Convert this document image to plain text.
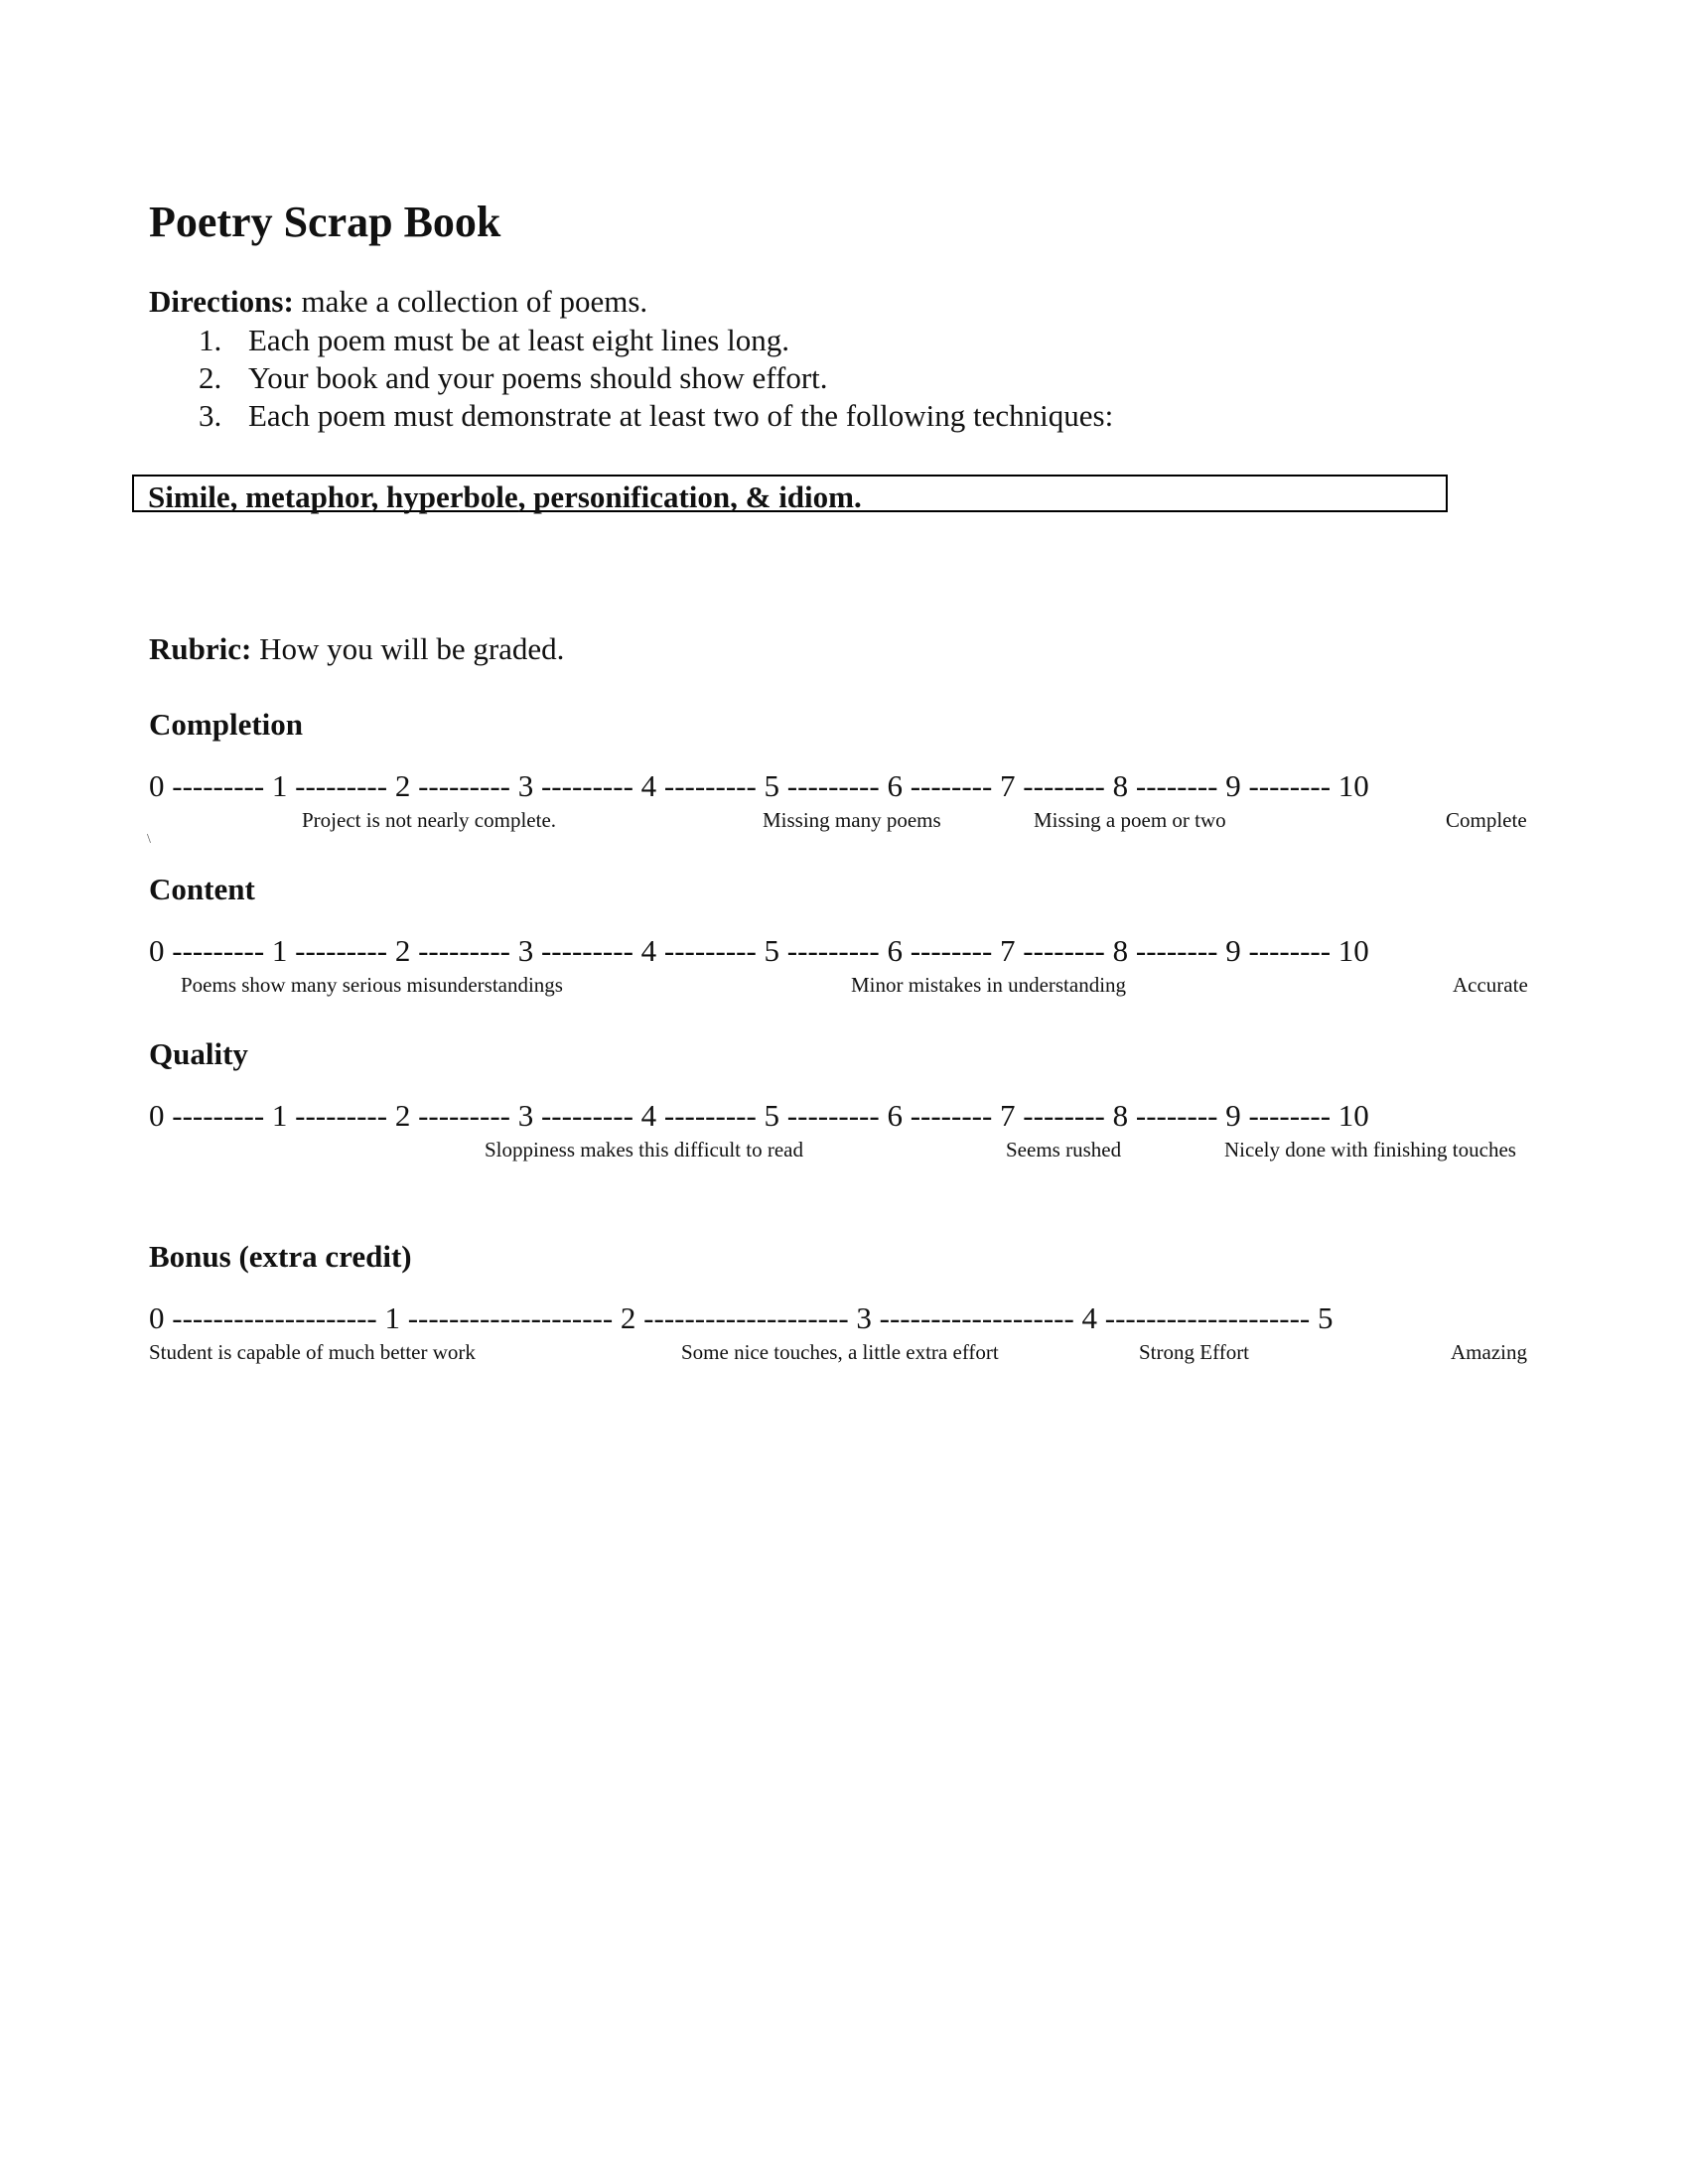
Poetry Scrap Book
Directions: make a collection of poems.
1. Each poem must be at least eight lines long.
2. Your book and your poems should show effort.
3. Each poem must demonstrate at least two of the following techniques:
Simile, metaphor, hyperbole, personification, & idiom.
Rubric: How you will be graded.
Completion
0 --------- 1 --------- 2 --------- 3 --------- 4 --------- 5 --------- 6 -------- 7 -------- 8 -------- 9 -------- 10
Project is not nearly complete.	Missing many poems	Missing a poem or two	Complete
\
Content
0 --------- 1 --------- 2 --------- 3 --------- 4 --------- 5 --------- 6 -------- 7 -------- 8 -------- 9 -------- 10
Poems show many serious misunderstandings	Minor mistakes in understanding	Accurate
Quality
0 --------- 1 --------- 2 --------- 3 --------- 4 --------- 5 --------- 6 -------- 7 -------- 8 -------- 9 -------- 10
Sloppiness makes this difficult to read	Seems rushed	Nicely done with finishing touches
Bonus (extra credit)
0 -------------------- 1 -------------------- 2 -------------------- 3 ------------------- 4 -------------------- 5
Student is capable of much better work	Some nice touches, a little extra effort	Strong Effort	Amazing
